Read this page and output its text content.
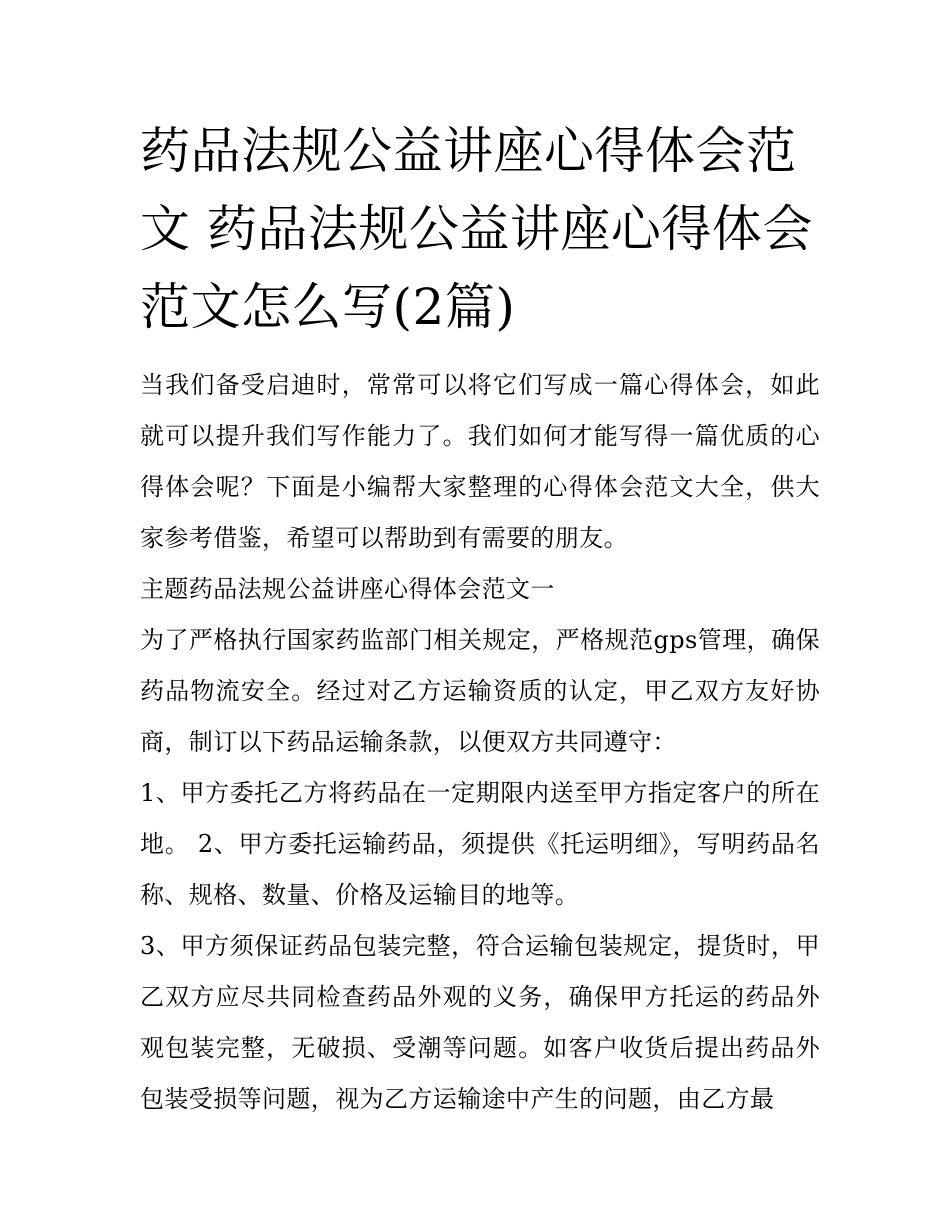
药品法规公益讲座心得体会范文 药品法规公益讲座心得体会范文怎么写(2篇)

当我们备受启迪时，常常可以将它们写成一篇心得体会，如此就可以提升我们写作能力了。我们如何才能写得一篇优质的心得体会呢？下面是小编帮大家整理的心得体会范文大全，供大家参考借鉴，希望可以帮助到有需要的朋友。

主题药品法规公益讲座心得体会范文一

为了严格执行国家药监部门相关规定，严格规范gps管理，确保药品物流安全。经过对乙方运输资质的认定，甲乙双方友好协商，制订以下药品运输条款，以便双方共同遵守：

1、甲方委托乙方将药品在一定期限内送至甲方指定客户的所在地。 2、甲方委托运输药品，须提供《托运明细》，写明药品名称、规格、数量、价格及运输目的地等。

3、甲方须保证药品包装完整，符合运输包装规定，提货时，甲乙双方应尽共同检查药品外观的义务，确保甲方托运的药品外观包装完整，无破损、受潮等问题。如客户收货后提出药品外包装受损等问题，视为乙方运输途中产生的问题，由乙方最
